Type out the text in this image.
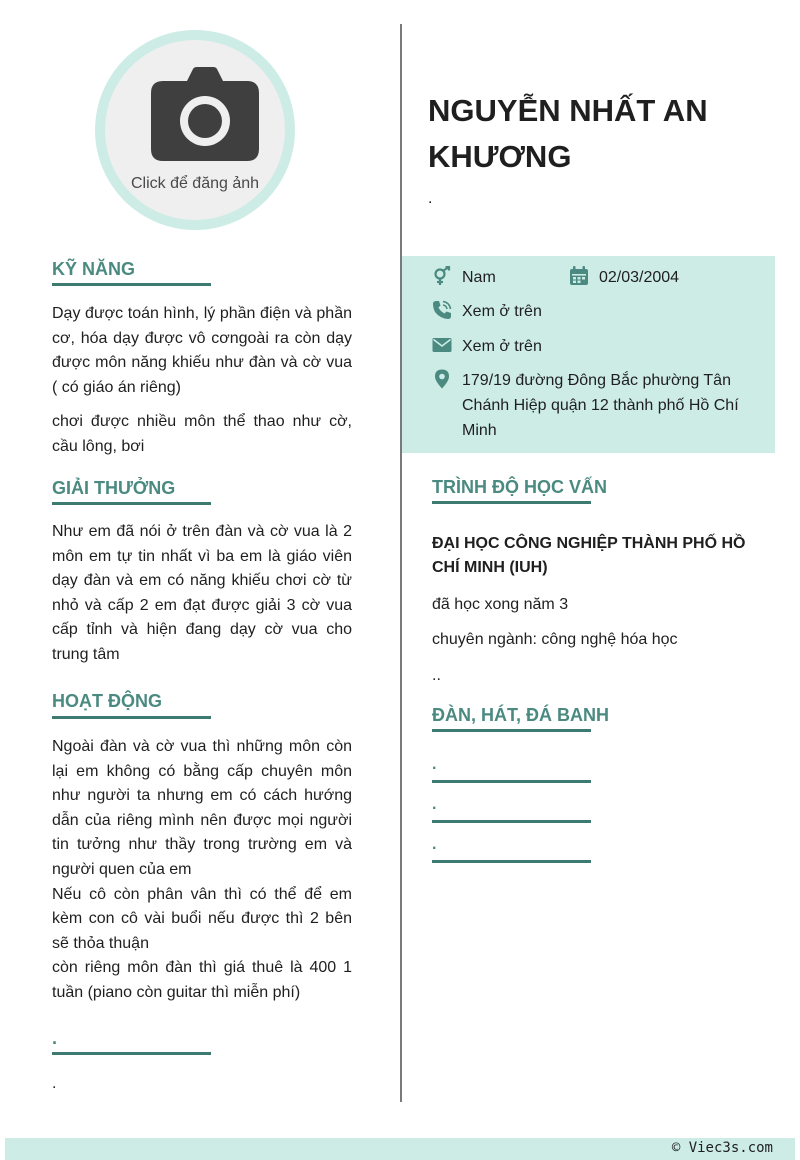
Click để đăng ảnh
KỸ NĂNG

Dạy được toán hình, lý phần điện và phần cơ, hóa dạy được vô cơngoài ra còn dạy được môn năng khiếu như đàn và cờ vua ( có giáo án riêng)

chơi được nhiều môn thể thao như cờ, cầu lông, bơi

GIẢI THƯỞNG

Như em đã nói ở trên đàn và cờ vua là 2 môn em tự tin nhất vì ba em là giáo viên dạy đàn và em có năng khiếu chơi cờ từ nhỏ và cấp 2 em đạt được giải 3 cờ vua cấp tỉnh và hiện đang dạy cờ vua cho trung tâm

HOẠT ĐỘNG

Ngoài đàn và cờ vua thì những môn còn lại em không có bằng cấp chuyên môn như người ta nhưng em có cách hướng dẫn của riêng mình nên được mọi người tin tưởng như thầy trong trường em và người quen của em

Nếu cô còn phân vân thì có thể để em kèm con cô vài buổi nếu được thì 2 bên sẽ thỏa thuận

còn riêng môn đàn thì giá thuê là 400 1 tuần (piano còn guitar thì miễn phí)

.
.
NGUYỄN NHẤT AN KHƯƠNG
.
Nam	02/03/2004
Xem ở trên
Xem ở trên
179/19 đường Đông Bắc phường Tân Chánh Hiệp quận 12 thành phố Hồ Chí Minh
TRÌNH ĐỘ HỌC VẤN
ĐẠI HỌC CÔNG NGHIỆP THÀNH PHỐ HỒ CHÍ MINH (IUH)
đã học xong năm 3
chuyên ngành: công nghệ hóa học
..
ĐÀN, HÁT, ĐÁ BANH
.
.
.
© Viec3s.com
